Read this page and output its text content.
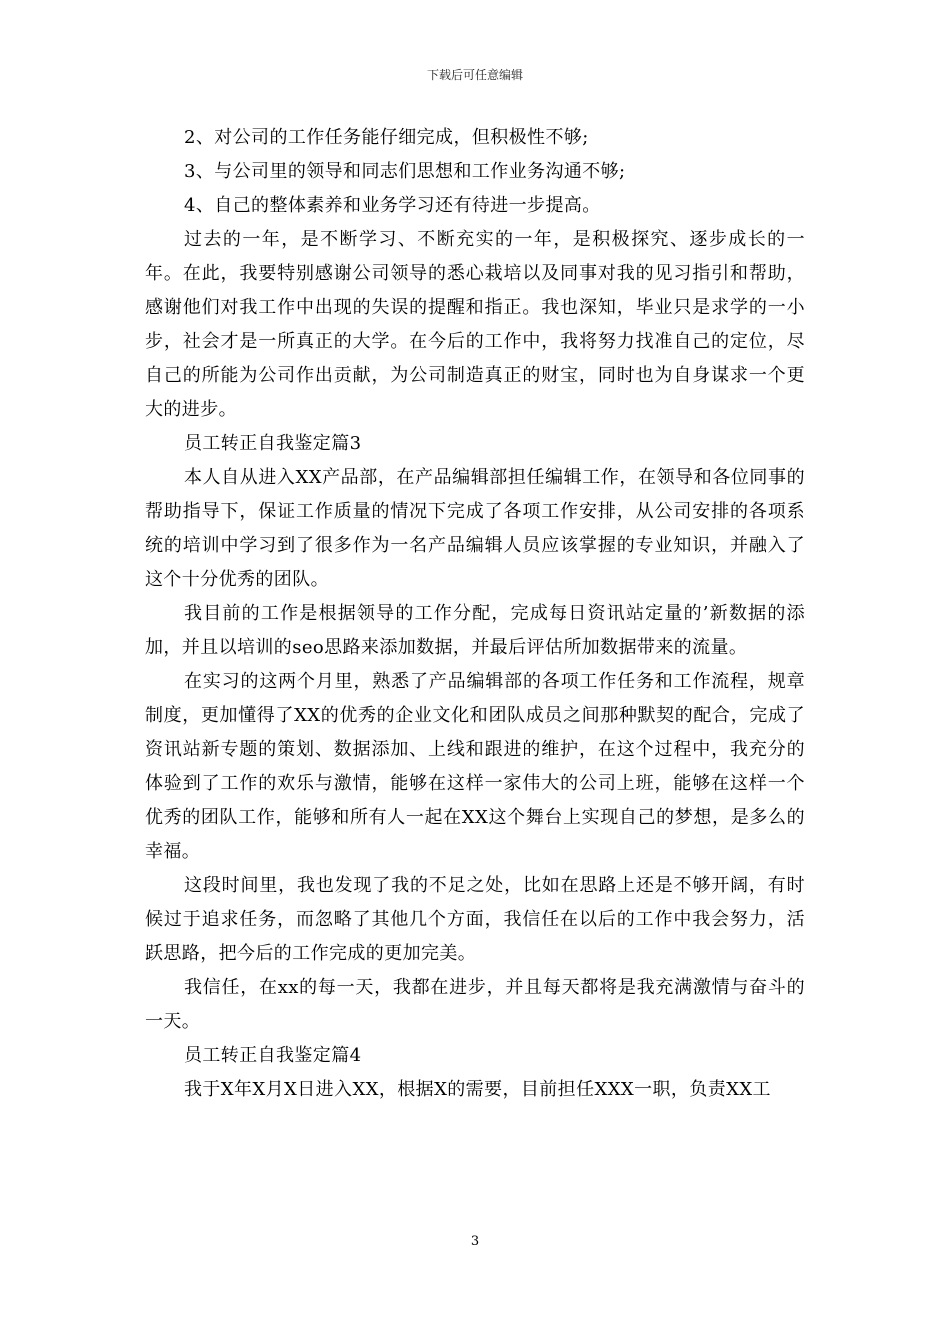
下载后可任意编辑

2、对公司的工作任务能仔细完成，但积极性不够;

3、与公司里的领导和同志们思想和工作业务沟通不够;

4、自己的整体素养和业务学习还有待进一步提高。

过去的一年，是不断学习、不断充实的一年，是积极探究、逐步成长的一年。在此，我要特别感谢公司领导的悉心栽培以及同事对我的见习指引和帮助，感谢他们对我工作中出现的失误的提醒和指正。我也深知，毕业只是求学的一小步，社会才是一所真正的大学。在今后的工作中，我将努力找准自己的定位，尽自己的所能为公司作出贡献，为公司制造真正的财宝，同时也为自身谋求一个更大的进步。

员工转正自我鉴定篇3

本人自从进入XX产品部，在产品编辑部担任编辑工作，在领导和各位同事的帮助指导下，保证工作质量的情况下完成了各项工作安排，从公司安排的各项系统的培训中学习到了很多作为一名产品编辑人员应该掌握的专业知识，并融入了这个十分优秀的团队。

我目前的工作是根据领导的工作分配，完成每日资讯站定量的’新数据的添加，并且以培训的seo思路来添加数据，并最后评估所加数据带来的流量。

在实习的这两个月里，熟悉了产品编辑部的各项工作任务和工作流程，规章制度，更加懂得了XX的优秀的企业文化和团队成员之间那种默契的配合，完成了资讯站新专题的策划、数据添加、上线和跟进的维护，在这个过程中，我充分的体验到了工作的欢乐与激情，能够在这样一家伟大的公司上班，能够在这样一个优秀的团队工作，能够和所有人一起在XX这个舞台上实现自己的梦想，是多么的幸福。

这段时间里，我也发现了我的不足之处，比如在思路上还是不够开阔，有时候过于追求任务，而忽略了其他几个方面，我信任在以后的工作中我会努力，活跃思路，把今后的工作完成的更加完美。

我信任，在xx的每一天，我都在进步，并且每天都将是我充满激情与奋斗的一天。

员工转正自我鉴定篇4

我于X年X月X日进入XX，根据X的需要，目前担任XXX一职，负责XX工

3
